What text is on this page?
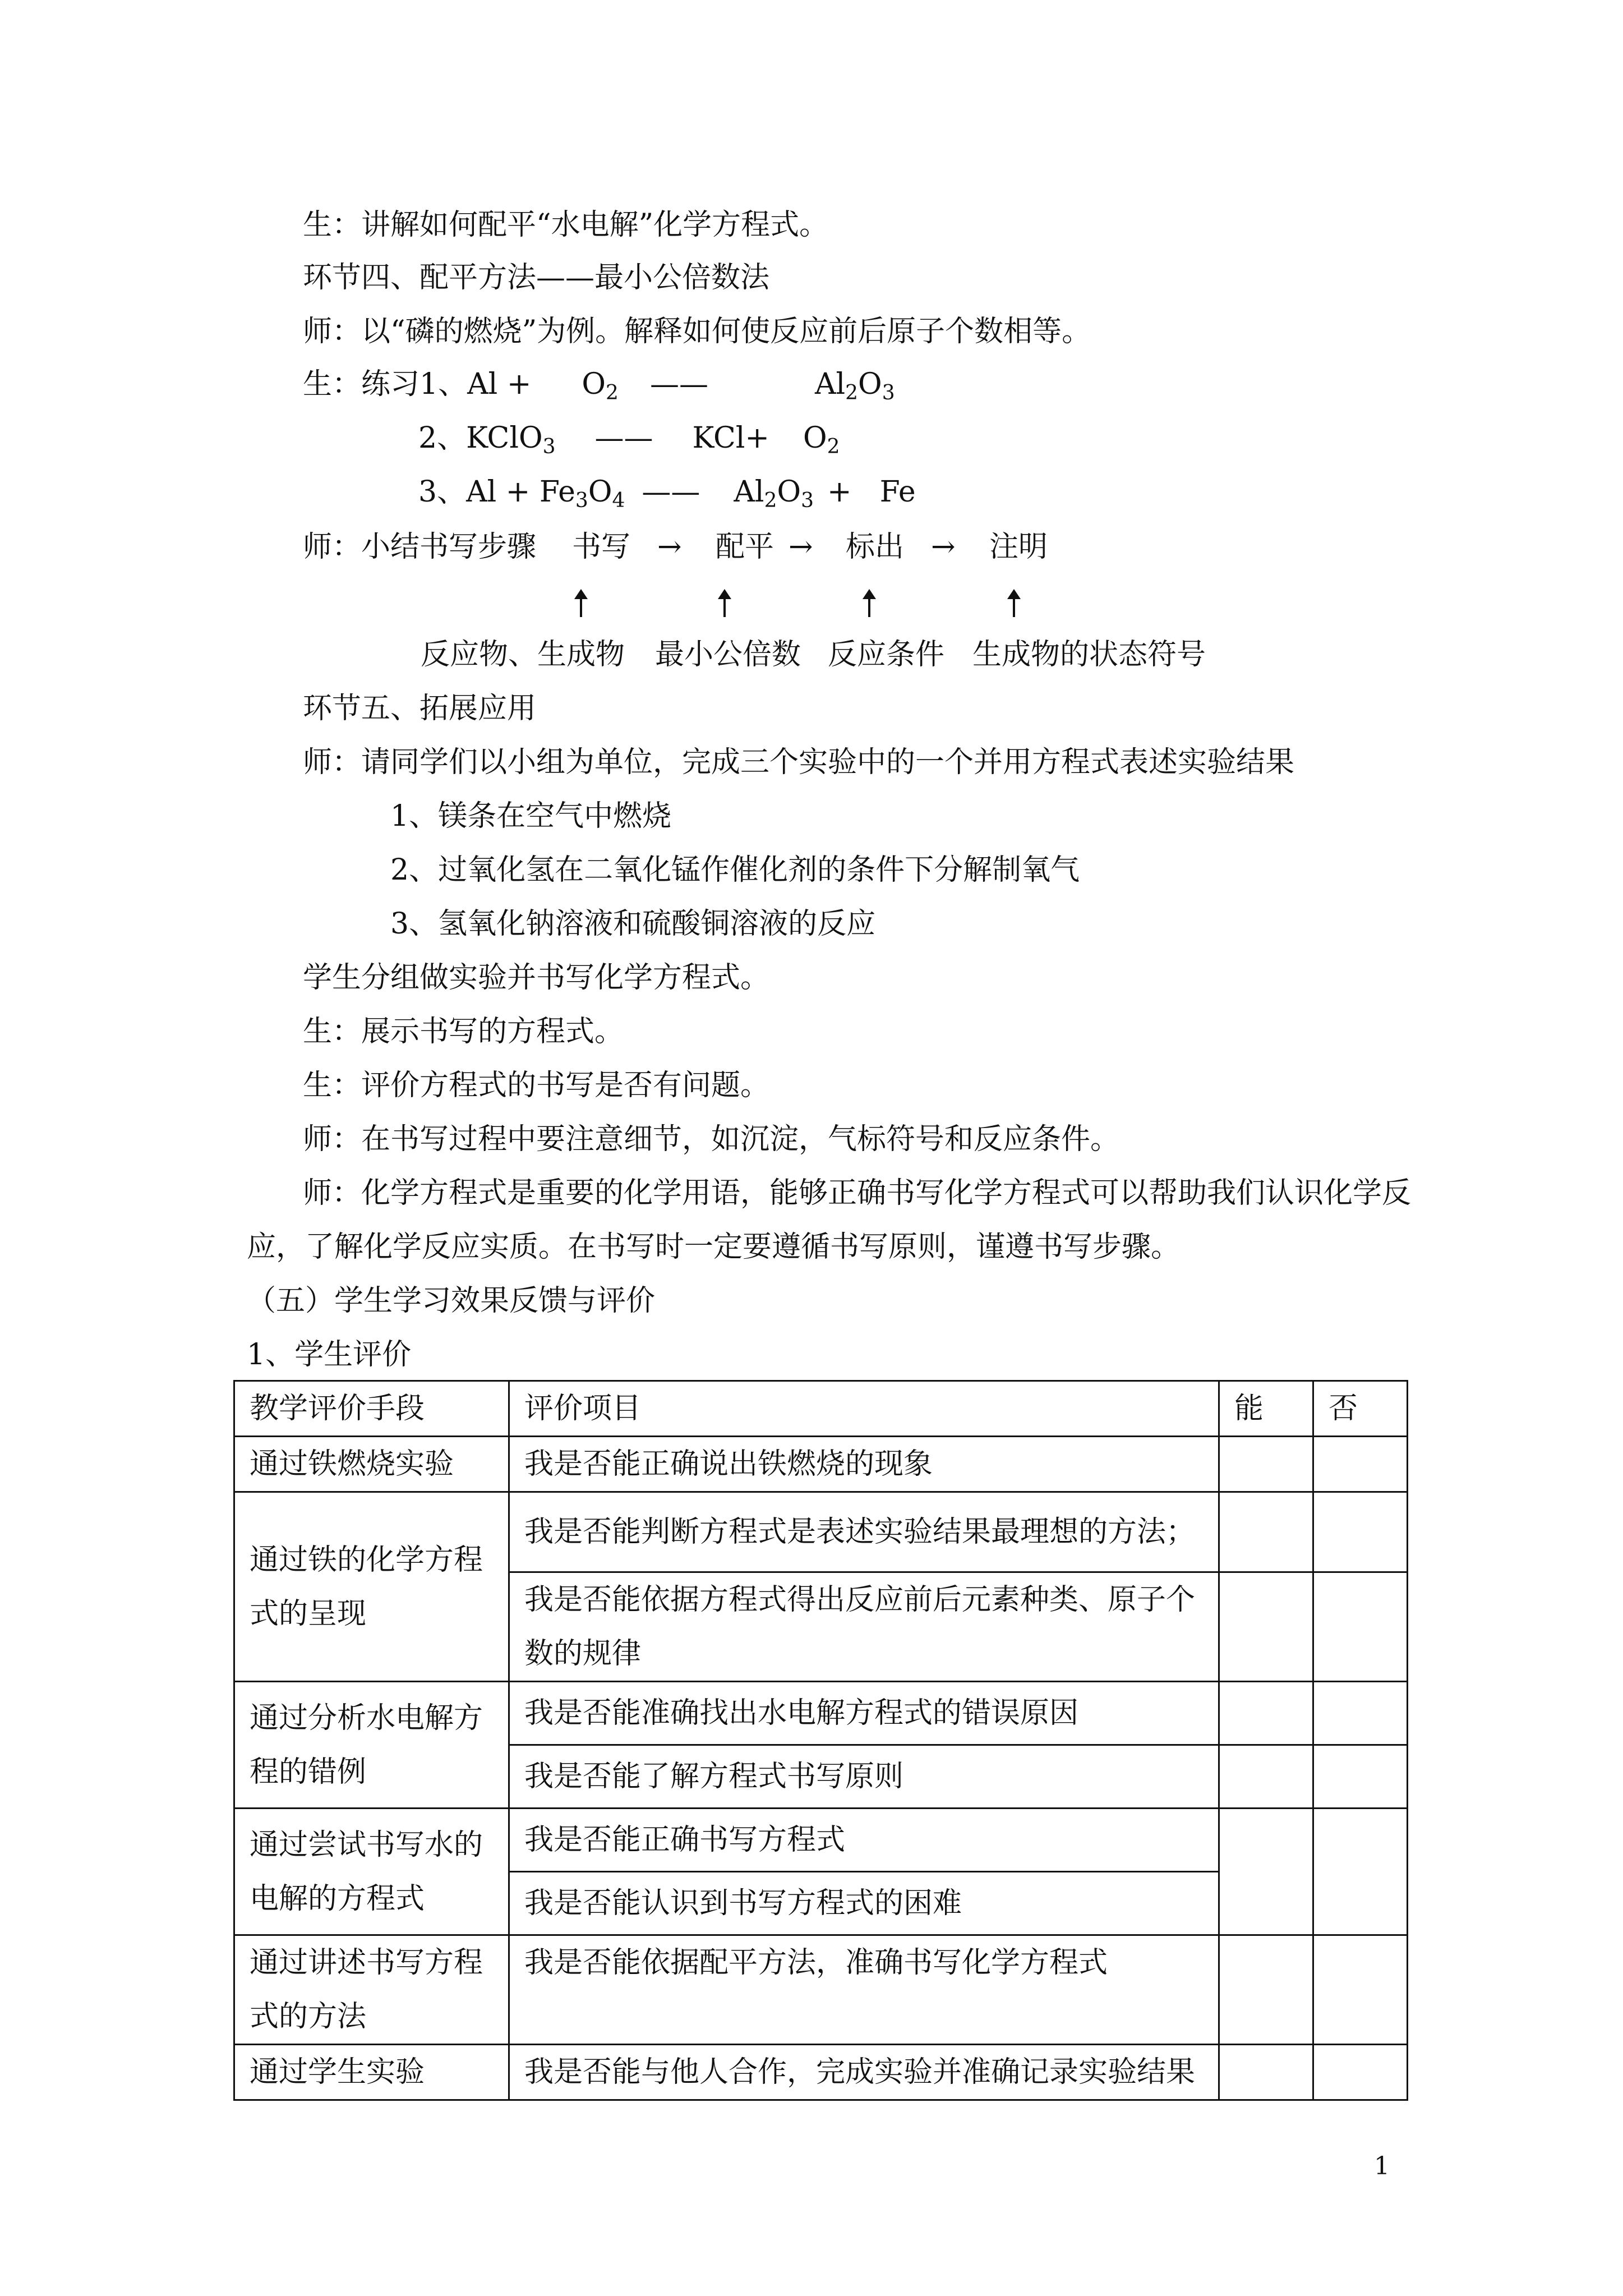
生：讲解如何配平“水电解”化学方程式。
环节四、配平方法——最小公倍数法
师：以“磷的燃烧”为例。解释如何使反应前后原子个数相等。
生：练习1、$Al + O_2$ ——	$Al_2O_3$
2、KClO$_3$ —— $KCl+ O_2$
3、$Al + Fe_3O_4$ —— $Al_2O_3 + Fe$
师：小结书写步骤 书写 → 配平 → 标出 → 注明
反应物、生成物 最小公倍数 反应条件 生成物的状态符号
环节五、拓展应用
师：请同学们以小组为单位，完成三个实验中的一个并用方程式表述实验结果
1、镁条在空气中燃烧
2、过氧化氢在二氧化锰作催化剂的条件下分解制氧气
3、氢氧化钠溶液和硫酸铜溶液的反应
学生分组做实验并书写化学方程式。
生：展示书写的方程式。
生：评价方程式的书写是否有问题。
师：在书写过程中要注意细节，如沉淀，气标符号和反应条件。
师：化学方程式是重要的化学用语，能够正确书写化学方程式可以帮助我们认识化学反
应，了解化学反应实质。在书写时一定要遵循书写原则，谨遵书写步骤。
（五）学生学习效果反馈与评价
1、学生评价
教学评价手段	评价项目	能	否
通过铁燃烧实验	我是否能正确说出铁燃烧的现象		
通过铁的化学方程式的呈现	我是否能判断方程式是表述实验结果最理想的方法；		
	我是否能依据方程式得出反应前后元素种类、原子个数的规律		
通过分析水电解方程的错例	我是否能准确找出水电解方程式的错误原因		
	我是否能了解方程式书写原则		
通过尝试书写水的电解的方程式	我是否能正确书写方程式		
	我是否能认识到书写方程式的困难		
通过讲述书写方程式的方法	我是否能依据配平方法，准确书写化学方程式		
通过学生实验	我是否能与他人合作，完成实验并准确记录实验结果		
1
